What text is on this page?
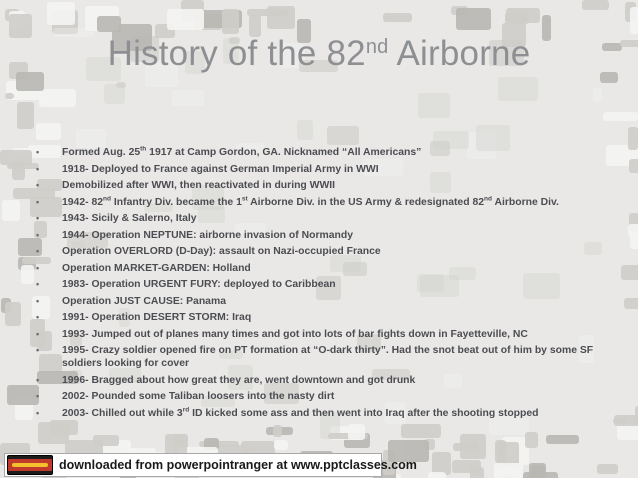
History of the 82nd Airborne
• Formed Aug. 25th 1917 at Camp Gordon, GA. Nicknamed “All Americans”
• 1918- Deployed to France against German Imperial Army in WWI
• Demobilized after WWI, then reactivated in during WWII
• 1942- 82nd Infantry Div. became the 1st Airborne Div. in the US Army & redesignated 82nd Airborne Div.
• 1943- Sicily & Salerno, Italy
• 1944- Operation NEPTUNE: airborne invasion of Normandy
• Operation OVERLORD (D-Day): assault on Nazi-occupied France
• Operation MARKET-GARDEN: Holland
• 1983- Operation URGENT FURY: deployed to Caribbean
• Operation JUST CAUSE: Panama
• 1991- Operation DESERT STORM: Iraq
• 1993- Jumped out of planes many times and got into lots of bar fights down in Fayetteville, NC
• 1995- Crazy soldier opened fire on PT formation at “O-dark thirty”. Had the snot beat out of him by some SF soldiers looking for cover
• 1996- Bragged about how great they are, went downtown and got drunk
• 2002- Pounded some Taliban loosers into the nasty dirt
• 2003- Chilled out while 3rd ID kicked some ass and then went into Iraq after the shooting stopped
downloaded from powerpointranger at www.pptclasses.com
